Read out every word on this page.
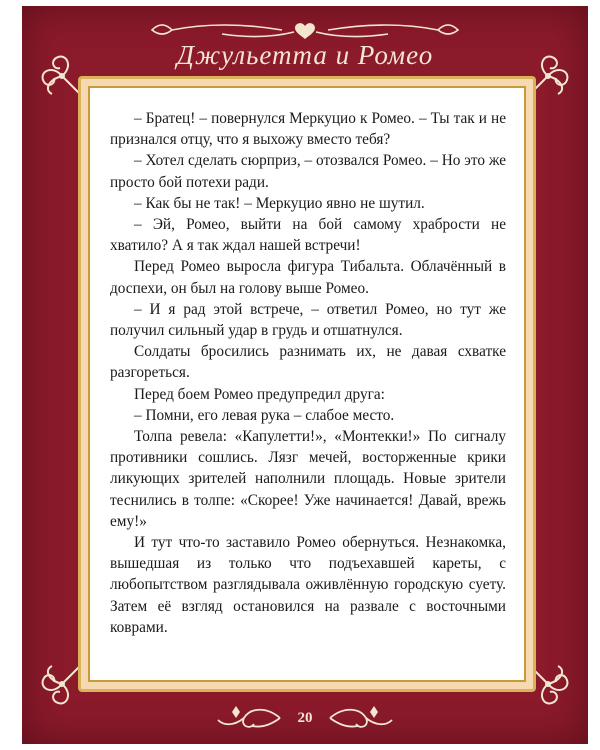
Джульетта и Ромео

– Братец! – повернулся Меркуцио к Ромео. – Ты так и не признался отцу, что я выхожу вместо тебя?

– Хотел сделать сюрприз, – отозвался Ромео. – Но это же просто бой потехи ради.

– Как бы не так! – Меркуцио явно не шутил.

– Эй, Ромео, выйти на бой самому храбрости не хватило? А я так ждал нашей встречи!

Перед Ромео выросла фигура Тибальта. Облачённый в доспехи, он был на голову выше Ромео.

– И я рад этой встрече, – ответил Ромео, но тут же получил сильный удар в грудь и отшатнулся.

Солдаты бросились разнимать их, не давая схватке разгореться.

Перед боем Ромео предупредил друга:

– Помни, его левая рука – слабое место.

Толпа ревела: «Капулетти!», «Монтекки!» По сигналу противники сошлись. Лязг мечей, восторженные крики ликующих зрителей наполнили площадь. Новые зрители теснились в толпе: «Скорее! Уже начинается! Давай, врежь ему!»

И тут что-то заставило Ромео обернуться. Незнакомка, вышедшая из только что подъехавшей кареты, с любопытством разглядывала оживлённую городскую суету. Затем её взгляд остановился на развале с восточными коврами.

20
